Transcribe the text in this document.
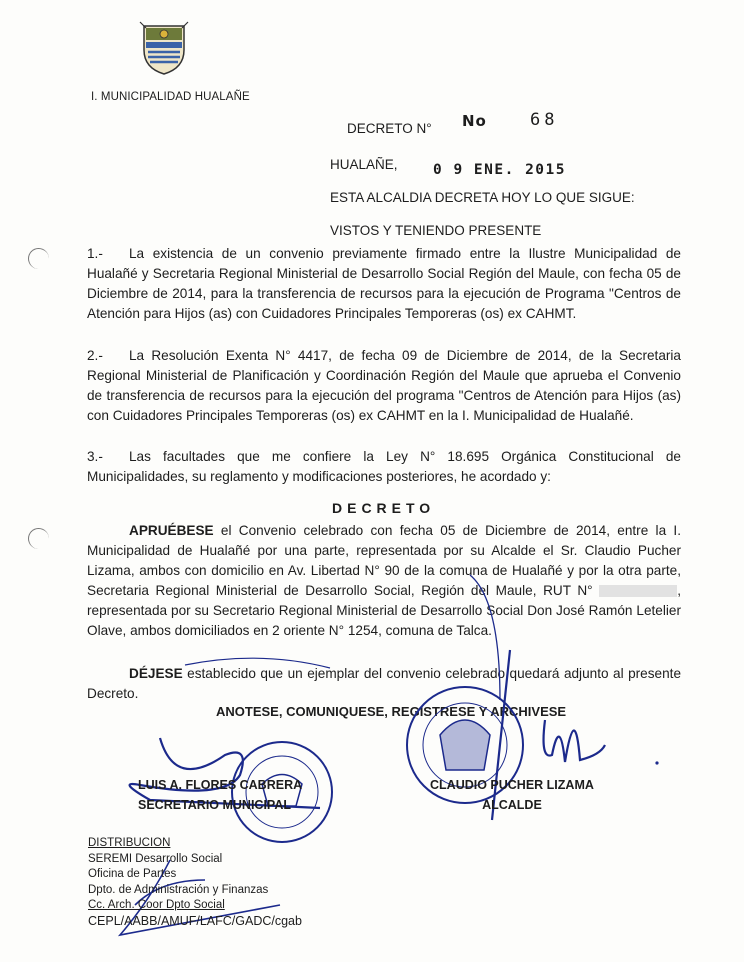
I. MUNICIPALIDAD HUALAÑE
DECRETO N° No	68
HUALAÑE, 0 9 ENE. 2015
ESTA ALCALDIA DECRETA HOY LO QUE SIGUE:
VISTOS Y TENIENDO PRESENTE
1.- La existencia de un convenio previamente firmado entre la Ilustre Municipalidad de Hualañé y Secretaria Regional Ministerial de Desarrollo Social Región del Maule, con fecha 05 de Diciembre de 2014, para la transferencia de recursos para la ejecución de Programa "Centros de Atención para Hijos (as) con Cuidadores Principales Temporeras (os) ex CAHMT.
2.- La Resolución Exenta N° 4417, de fecha 09 de Diciembre de 2014, de la Secretaria Regional Ministerial de Planificación y Coordinación Región del Maule que aprueba el Convenio de transferencia de recursos para la ejecución del programa "Centros de Atención para Hijos (as) con Cuidadores Principales Temporeras (os) ex CAHMT en la I. Municipalidad de Hualañé.
3.- Las facultades que me confiere la Ley N° 18.695 Orgánica Constitucional de Municipalidades, su reglamento y modificaciones posteriores, he acordado y:
DECRETO
APRUÉBESE el Convenio celebrado con fecha 05 de Diciembre de 2014, entre la I. Municipalidad de Hualañé por una parte, representada por su Alcalde el Sr. Claudio Pucher Lizama, ambos con domicilio en Av. Libertad N° 90 de la comuna de Hualañé y por la otra parte, Secretaria Regional Ministerial de Desarrollo Social, Región del Maule, RUT N°	, representada por su Secretario Regional Ministerial de Desarrollo Social Don José Ramón Letelier Olave, ambos domiciliados en 2 oriente N° 1254, comuna de Talca.
DÉJESE establecido que un ejemplar del convenio celebrado quedará adjunto al presente Decreto.
ANOTESE, COMUNIQUESE, REGISTRESE Y ARCHIVESE
LUIS A. FLORES CABRERA
SECRETARIO MUNICIPAL
CLAUDIO PUCHER LIZAMA
ALCALDE
DISTRIBUCION
SEREMI Desarrollo Social
Oficina de Partes
Dpto. de Administración y Finanzas
Cc. Arch. Coor Dpto Social
CEPL/AABB/AMUF/LAFC/GADC/cgab
